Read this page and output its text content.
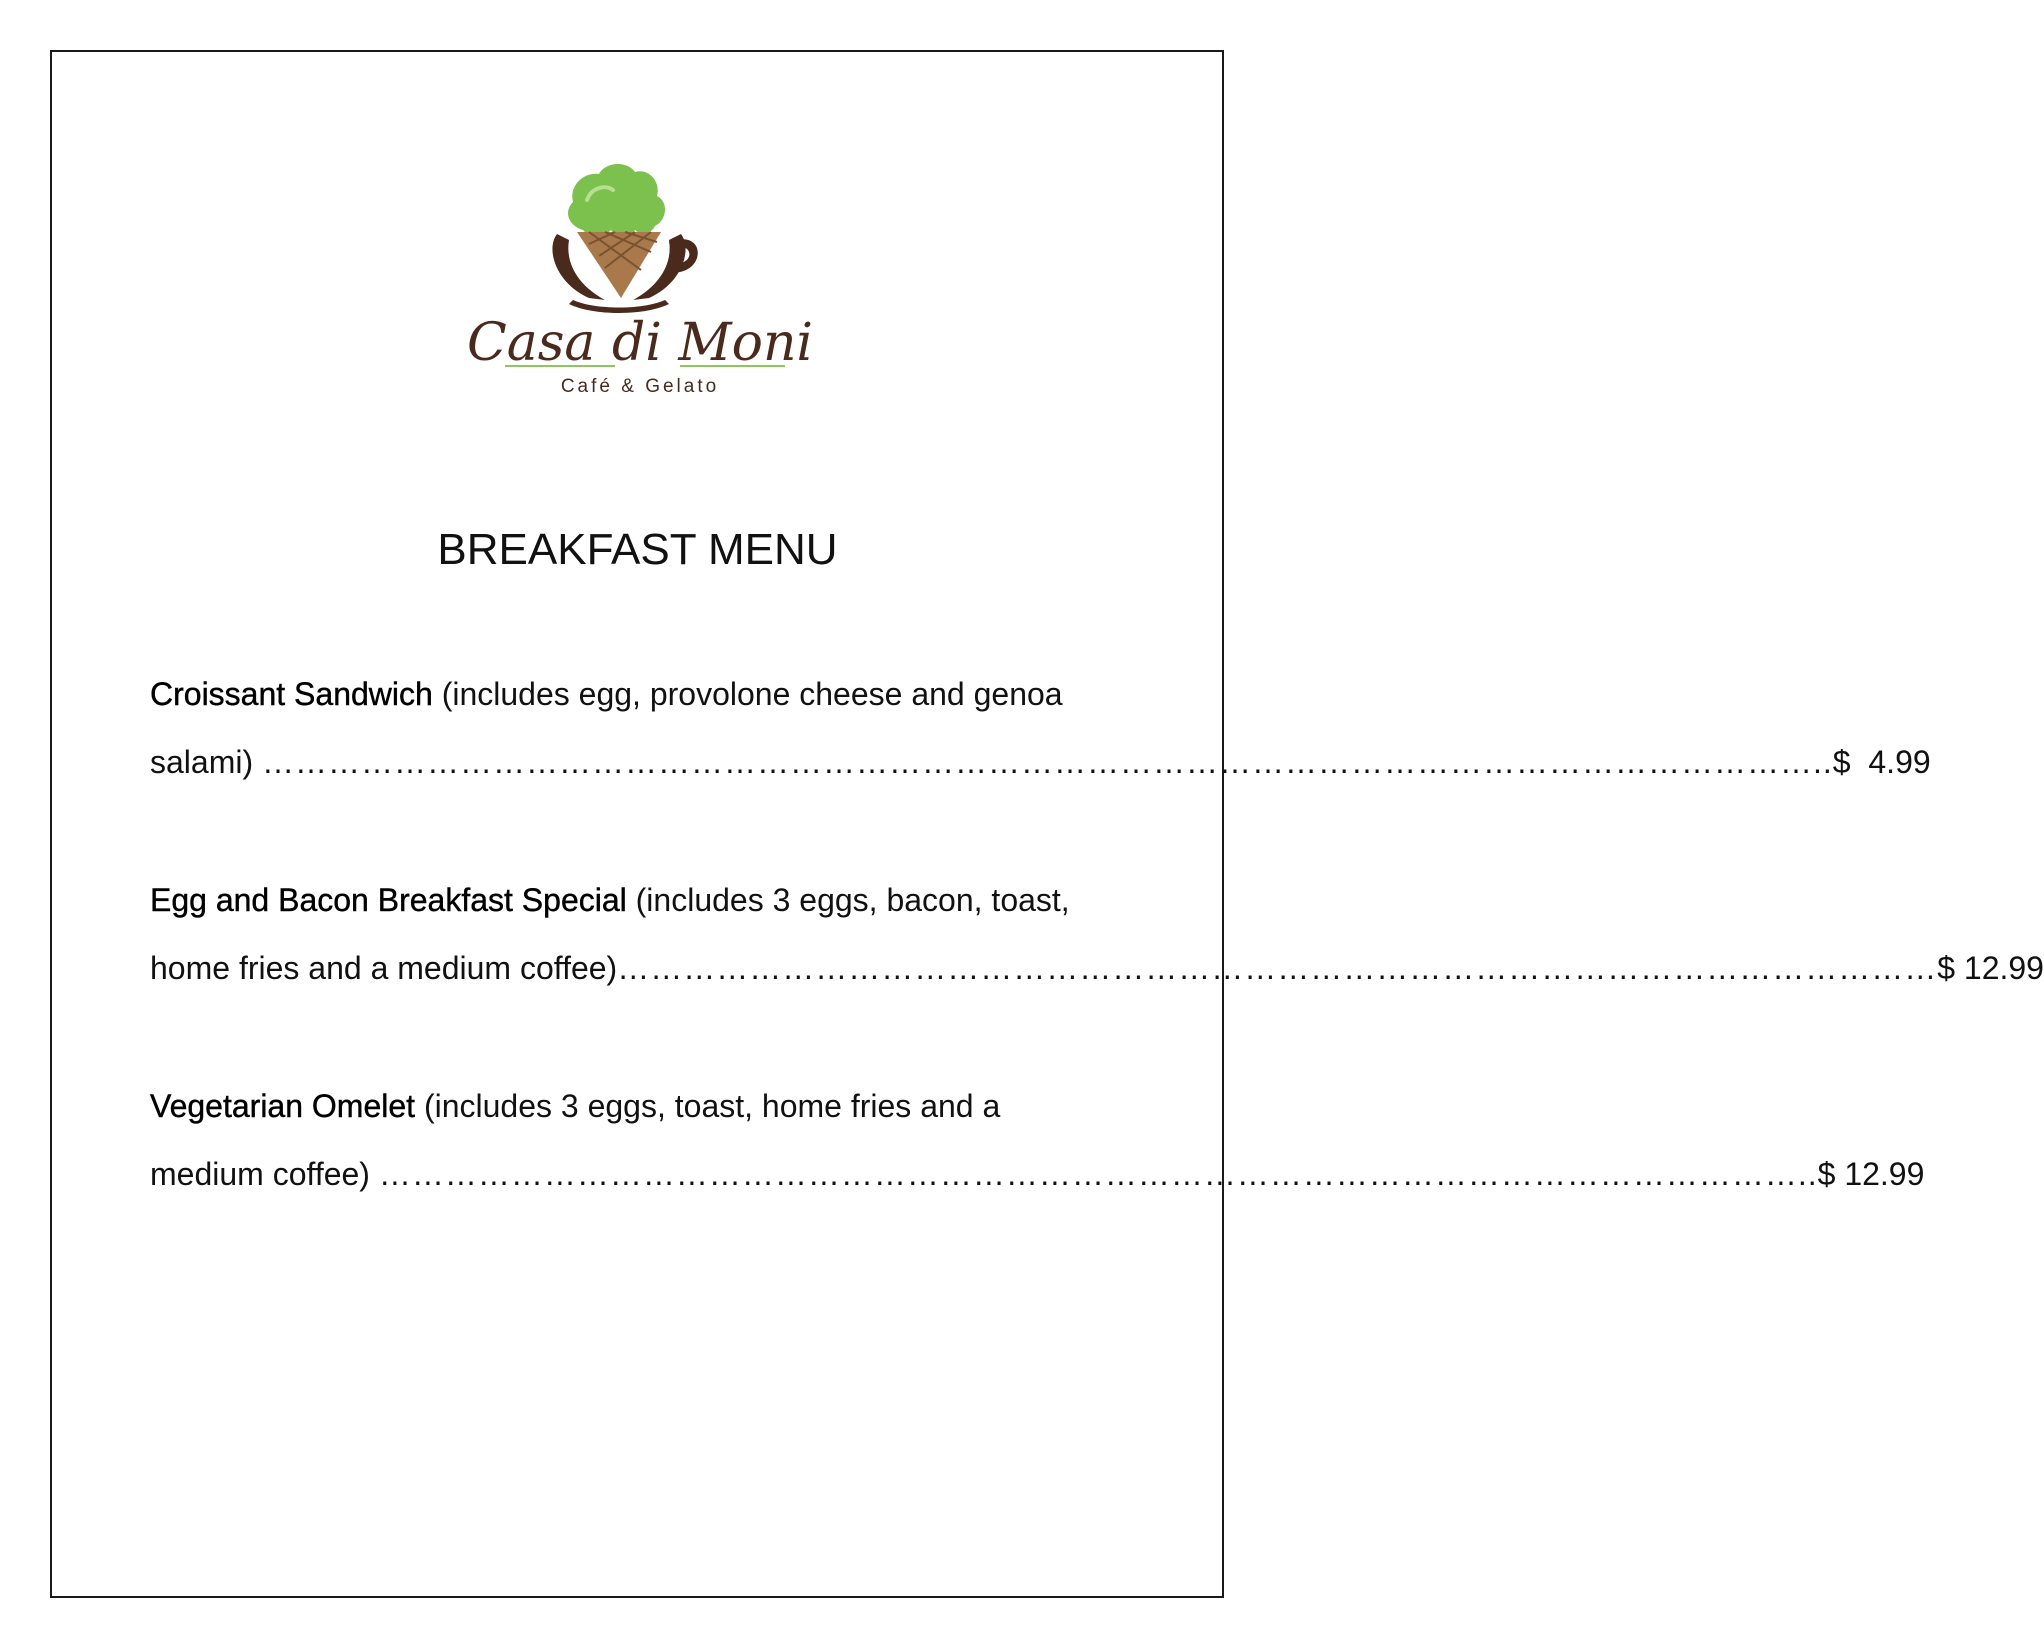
Casa di Moni
Café & Gelato
BREAKFAST MENU
Croissant Sandwich (includes egg, provolone cheese and genoa
salami) ……………………………………………………………………………………………………………………………..$  4.99
Egg and Bacon Breakfast Special (includes 3 eggs, bacon, toast,
home fries and a medium coffee)…………………………………………………………………………………………………………$ 12.99
Vegetarian Omelet (includes 3 eggs, toast, home fries and a
medium coffee) …………………………………………………………………………………………………………………..$ 12.99
